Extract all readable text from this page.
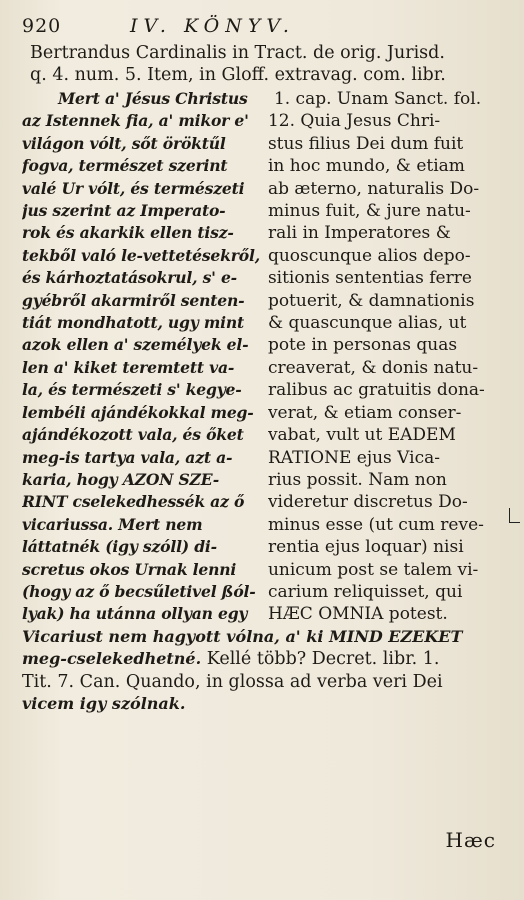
920	IV. KÖNYV.
Bertrandus Cardinalis in Tract. de orig. Jurisd.
q. 4. num. 5. Item, in Gloff. extravag. com. libr.
Mert a' Jésus Christus
az Istennek fia, a' mikor e'
világon vólt, sőt öröktűl
fogva, természet szerint
valé Ur vólt, és természeti
jus szerint az Imperato-
rok és akarkik ellen tisz-
tekből való le-vettetésekről,
és kárhoztatásokrul, s' e-
gyébről akarmiről senten-
tiát mondhatott, ugy mint
azok ellen a' személyek el-
len a' kiket teremtett va-
la, és természeti s' kegye-
lembéli ajándékokkal meg-
ajándékozott vala, és őket
meg-is tartya vala, azt a-
karia, hogy AZON SZE-
RINT cselekedhessék az ő
vicariussa. Mert nem
láttatnék (igy szóll) di-
scretus okos Urnak lenni
(hogy az ő becsűletivel ßól-
lyak) ha utánna ollyan egy
1. cap. Unam Sanct. fol.
12. Quia Jesus Chri-
stus filius Dei dum fuit
in hoc mundo, & etiam
ab æterno, naturalis Do-
minus fuit, & jure natu-
rali in Imperatores &
quoscunque alios depo-
sitionis sententias ferre
potuerit, & damnationis
& quascunque alias, ut
pote in personas quas
creaverat, & donis natu-
ralibus ac gratuitis dona-
verat, & etiam conser-
vabat, vult ut EADEM
RATIONE ejus Vica-
rius possit. Nam non
videretur discretus Do-
minus esse (ut cum reve-
rentia ejus loquar) nisi
unicum post se talem vi-
carium reliquisset, qui
HÆC OMNIA potest.
Vicariust nem hagyott vólna, a' ki MIND EZEKET
meg-cselekedhetné. Kellé több? Decret. libr. 1.
Tit. 7. Can. Quando, in glossa ad verba veri Dei
vicem igy szólnak.
Hæc
